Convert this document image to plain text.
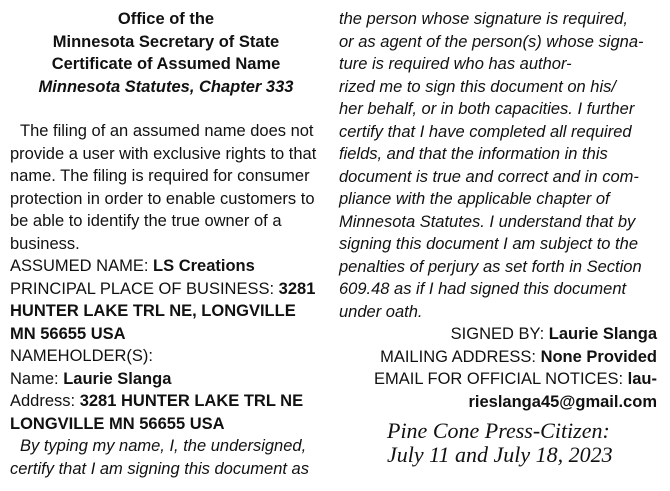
Office of the
Minnesota Secretary of State
Certificate of Assumed Name
Minnesota Statutes, Chapter 333

The filing of an assumed name does not provide a user with exclusive rights to that name. The filing is required for consumer protection in order to enable customers to be able to identify the true owner of a business.

ASSUMED NAME: LS Creations

PRINCIPAL PLACE OF BUSINESS: 3281 HUNTER LAKE TRL NE, LONGVILLE MN 56655 USA

NAMEHOLDER(S):

Name: Laurie Slanga

Address: 3281 HUNTER LAKE TRL NE LONGVILLE MN 56655 USA

By typing my name, I, the undersigned,
certify that I am signing this document as
the person whose signature is required,
or as agent of the person(s) whose signa-
ture is required who has author-
rized me to sign this document on his/
her behalf, or in both capacities. I further
certify that I have completed all required
fields, and that the information in this
document is true and correct and in com-
pliance with the applicable chapter of
Minnesota Statutes. I understand that by
signing this document I am subject to the
penalties of perjury as set forth in Section
609.48 as if I had signed this document
under oath.

SIGNED BY: Laurie Slanga

MAILING ADDRESS: None Provided

EMAIL FOR OFFICIAL NOTICES: lau-

rieslanga45@gmail.com

Pine Cone Press-Citizen:
July 11 and July 18, 2023
